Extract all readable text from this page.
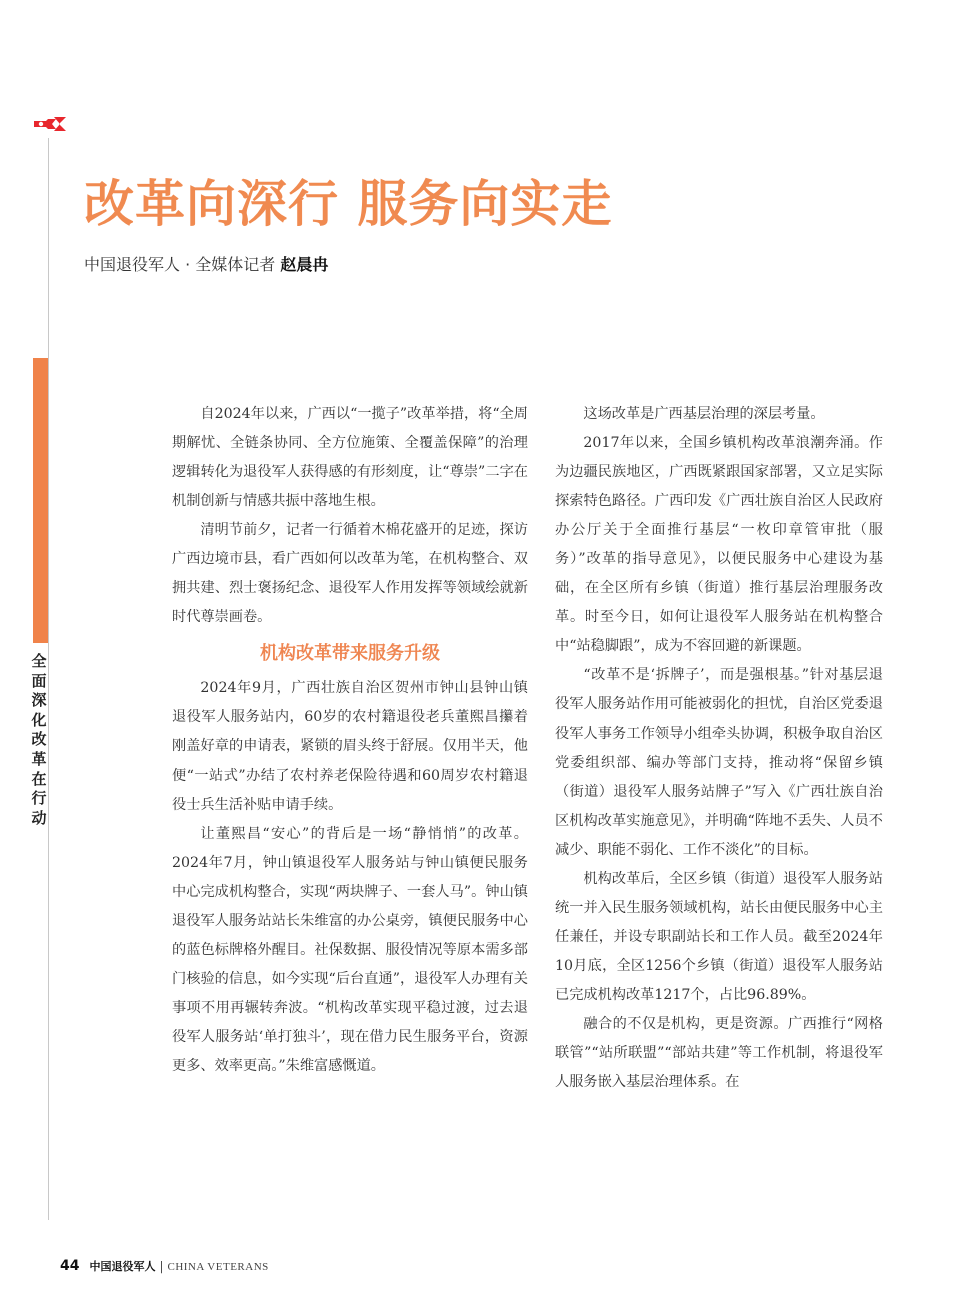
全面深化改革在行动
改革向深行 服务向实走

中国退役军人 · 全媒体记者 赵晨冉

自2024年以来，广西以“一揽子”改革举措，将“全周期解忧、全链条协同、全方位施策、全覆盖保障”的治理逻辑转化为退役军人获得感的有形刻度，让“尊崇”二字在机制创新与情感共振中落地生根。

清明节前夕，记者一行循着木棉花盛开的足迹，探访广西边境市县，看广西如何以改革为笔，在机构整合、双拥共建、烈士褒扬纪念、退役军人作用发挥等领域绘就新时代尊崇画卷。

机构改革带来服务升级

2024年9月，广西壮族自治区贺州市钟山县钟山镇退役军人服务站内，60岁的农村籍退役老兵董熙昌攥着刚盖好章的申请表，紧锁的眉头终于舒展。仅用半天，他便“一站式”办结了农村养老保险待遇和60周岁农村籍退役士兵生活补贴申请手续。

让董熙昌“安心”的背后是一场“静悄悄”的改革。2024年7月，钟山镇退役军人服务站与钟山镇便民服务中心完成机构整合，实现“两块牌子、一套人马”。钟山镇退役军人服务站站长朱维富的办公桌旁，镇便民服务中心的蓝色标牌格外醒目。社保数据、服役情况等原本需多部门核验的信息，如今实现“后台直通”，退役军人办理有关事项不用再辗转奔波。“机构改革实现平稳过渡，过去退役军人服务站‘单打独斗’，现在借力民生服务平台，资源更多、效率更高。”朱维富感慨道。

这场改革是广西基层治理的深层考量。

2017年以来，全国乡镇机构改革浪潮奔涌。作为边疆民族地区，广西既紧跟国家部署，又立足实际探索特色路径。广西印发《广西壮族自治区人民政府办公厅关于全面推行基层“一枚印章管审批（服务）”改革的指导意见》，以便民服务中心建设为基础，在全区所有乡镇（街道）推行基层治理服务改革。时至今日，如何让退役军人服务站在机构整合中“站稳脚跟”，成为不容回避的新课题。

“改革不是‘拆牌子’，而是强根基。”针对基层退役军人服务站作用可能被弱化的担忧，自治区党委退役军人事务工作领导小组牵头协调，积极争取自治区党委组织部、编办等部门支持，推动将“保留乡镇（街道）退役军人服务站牌子”写入《广西壮族自治区机构改革实施意见》，并明确“阵地不丢失、人员不减少、职能不弱化、工作不淡化”的目标。

机构改革后，全区乡镇（街道）退役军人服务站统一并入民生服务领域机构，站长由便民服务中心主任兼任，并设专职副站长和工作人员。截至2024年10月底，全区1256个乡镇（街道）退役军人服务站已完成机构改革1217个，占比96.89%。

融合的不仅是机构，更是资源。广西推行“网格联管”“站所联盟”“部站共建”等工作机制，将退役军人服务嵌入基层治理体系。在

44 中国退役军人 | CHINA VETERANS
